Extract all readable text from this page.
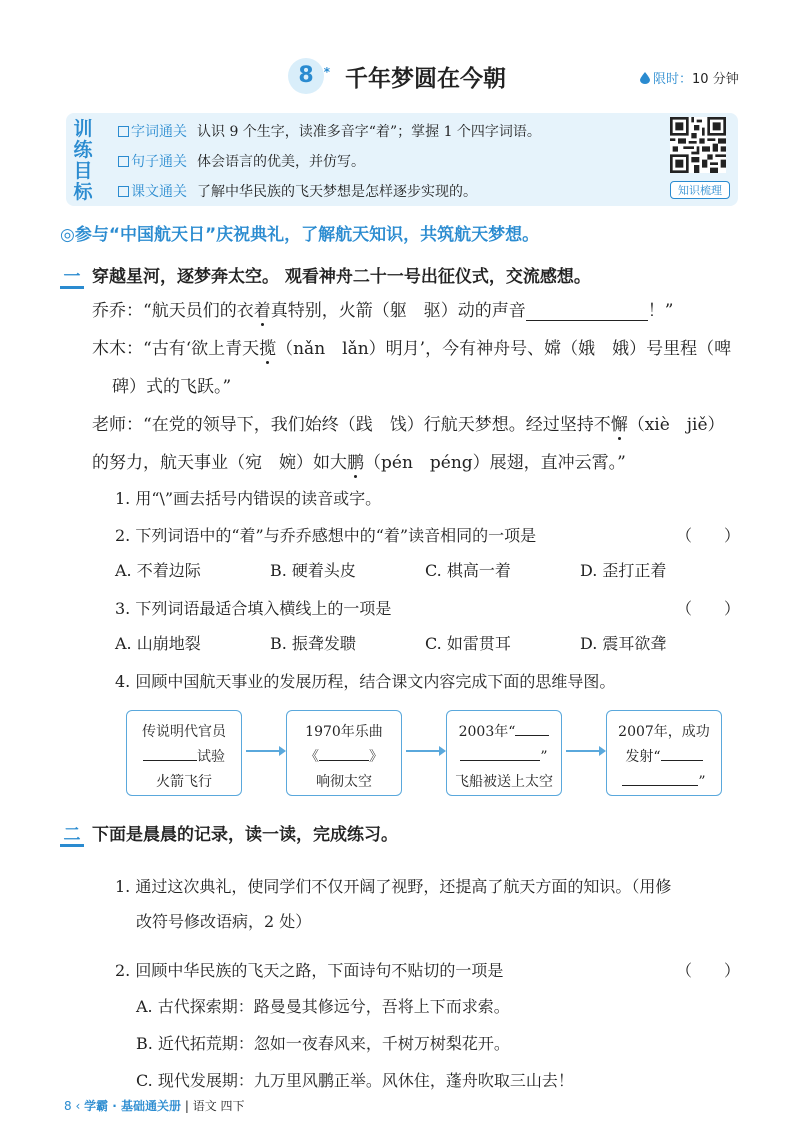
8 * 千年梦圆在今朝	限时：10 分钟
训
练
目
标
字词通关 认识 9 个生字，读准多音字“着”；掌握 1 个四字词语。
句子通关 体会语言的优美，并仿写。
课文通关 了解中华民族的飞天梦想是怎样逐步实现的。	知识梳理
◎参与“中国航天日”庆祝典礼，了解航天知识，共筑航天梦想。
一 穿越星河，逐梦奔太空。 观看神舟二十一号出征仪式，交流感想。
乔乔：“航天员们的衣着真特别，火箭（躯　驱）动的声音	！”
木木：“古有‘欲上青天揽（nǎn　lǎn）明月’，今有神舟号、嫦（娥　娥）号里程（啤
碑）式的飞跃。”
老师：“在党的领导下，我们始终（践　饯）行航天梦想。经过坚持不懈（xiè　jiě）
的努力，航天事业（宛　婉）如大鹏（pén　péng）展翅，直冲云霄。”
1. 用“\”画去括号内错误的读音或字。
2. 下列词语中的“着”与乔乔感想中的“着”读音相同的一项是	（　　）
A. 不着边际	B. 硬着头皮	C. 棋高一着	D. 歪打正着
3. 下列词语最适合填入横线上的一项是	（　　）
A. 山崩地裂	B. 振聋发聩	C. 如雷贯耳	D. 震耳欲聋
4. 回顾中国航天事业的发展历程，结合课文内容完成下面的思维导图。
传说明代官员
试验
火箭飞行
1970年乐曲
《	》
响彻太空
2003年“
”
飞船被送上太空
2007年，成功
发射“
”
二 下面是晨晨的记录，读一读，完成练习。
1. 通过这次典礼，使同学们不仅开阔了视野，还提高了航天方面的知识。（用修
改符号修改语病，2 处）
2. 回顾中华民族的飞天之路，下面诗句不贴切的一项是	（　　）
A. 古代探索期：路曼曼其修远兮，吾将上下而求索。
B. 近代拓荒期：忽如一夜春风来，千树万树梨花开。
C. 现代发展期：九万里风鹏正举。风休住，蓬舟吹取三山去！
8 ‹ 学霸 · 基础通关册 | 语文 四下
